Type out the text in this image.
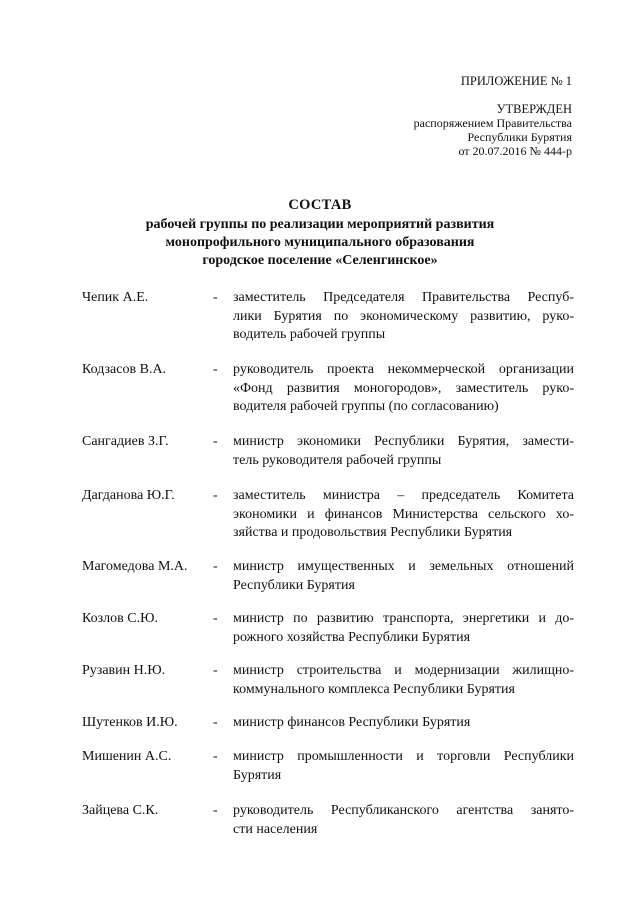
ПРИЛОЖЕНИЕ № 1
УТВЕРЖДЕН
распоряжением Правительства
Республики Бурятия
от 20.07.2016 № 444-р
СОСТАВ
рабочей группы по реализации мероприятий развития
монопрофильного муниципального образования
городское поселение «Селенгинское»
Чепик А.Е.	- заместитель Председателя Правительства Респуб-
лики Бурятия по экономическому развитию, руко-
водитель рабочей группы
Кодзасов В.А.	- руководитель проекта некоммерческой организации
«Фонд развития моногородов», заместитель руко-
водителя рабочей группы (по согласованию)
Сангадиев З.Г.	- министр экономики Республики Бурятия, замести-
тель руководителя рабочей группы
Дагданова Ю.Г.	- заместитель министра – председатель Комитета
экономики и финансов Министерства сельского хо-
зяйства и продовольствия Республики Бурятия
Магомедова М.А.	- министр имущественных и земельных отношений
Республики Бурятия
Козлов С.Ю.	- министр по развитию транспорта, энергетики и до-
рожного хозяйства Республики Бурятия
Рузавин Н.Ю.	- министр строительства и модернизации жилищно-
коммунального комплекса Республики Бурятия
Шутенков И.Ю.	- министр финансов Республики Бурятия
Мишенин А.С.	- министр промышленности и торговли Республики
Бурятия
Зайцева С.К.	- руководитель Республиканского агентства занято-
сти населения
